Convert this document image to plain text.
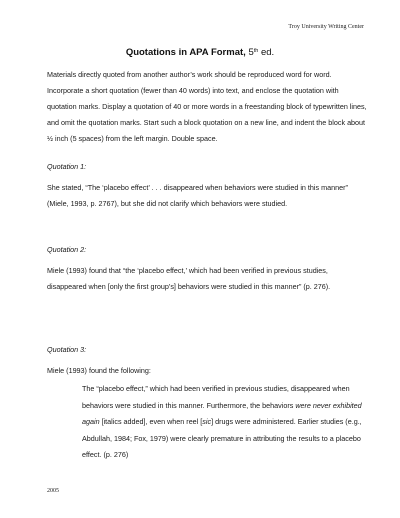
Troy University Writing Center
Quotations in APA Format, 5th ed.
Materials directly quoted from another author’s work should be reproduced word for word. Incorporate a short quotation (fewer than 40 words) into text, and enclose the quotation with quotation marks. Display a quotation of 40 or more words in a freestanding block of typewritten lines, and omit the quotation marks. Start such a block quotation on a new line, and indent the block about ½ inch (5 spaces) from the left margin. Double space.
Quotation 1:
She stated, “The ‘placebo effect’ . . . disappeared when behaviors were studied in this manner” (Miele, 1993, p. 2767), but she did not clarify which behaviors were studied.
Quotation 2:
Miele (1993) found that “the ‘placebo effect,’ which had been verified in previous studies, disappeared when [only the first group’s] behaviors were studied in this manner” (p. 276).
Quotation 3:
Miele (1993) found the following:
The “placebo effect,” which had been verified in previous studies, disappeared when behaviors were studied in this manner. Furthermore, the behaviors were never exhibited again [italics added], even when reel [sic] drugs were administered. Earlier studies (e.g., Abdullah, 1984; Fox, 1979) were clearly premature in attributing the results to a placebo effect. (p. 276)
2005
